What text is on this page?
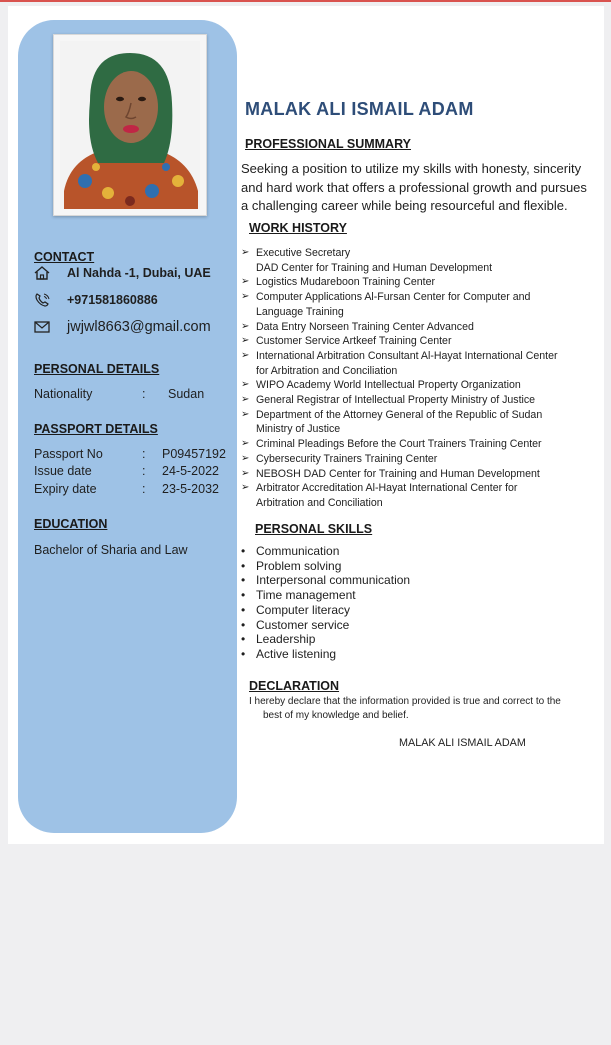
CONTACT
Al Nahda -1, Dubai, UAE
+971581860886
jwjwl8663@gmail.com
PERSONAL DETAILS
Nationality	: Sudan
PASSPORT DETAILS
Passport No	: P09457192
Issue date	: 24-5-2022
Expiry date	: 23-5-2032
EDUCATION
Bachelor of Sharia and Law
MALAK ALI ISMAIL ADAM
PROFESSIONAL SUMMARY
Seeking a position to utilize my skills with honesty, sincerity and hard work that offers a professional growth and pursues a challenging career while being resourceful and flexible.
WORK HISTORY
➢ Executive Secretary
DAD Center for Training and Human Development
➢ Logistics Mudareboon Training Center
➢ Computer Applications Al-Fursan Center for Computer and
Language Training
➢ Data Entry Norseen Training Center Advanced
➢ Customer Service Artkeef Training Center
➢ International Arbitration Consultant Al-Hayat International Center
for Arbitration and Conciliation
➢ WIPO Academy World Intellectual Property Organization
➢ General Registrar of Intellectual Property Ministry of Justice
➢ Department of the Attorney General of the Republic of Sudan
Ministry of Justice
➢ Criminal Pleadings Before the Court Trainers Training Center
➢ Cybersecurity Trainers Training Center
➢ NEBOSH DAD Center for Training and Human Development
➢ Arbitrator Accreditation Al-Hayat International Center for
Arbitration and Conciliation
PERSONAL SKILLS
• Communication
• Problem solving
• Interpersonal communication
• Time management
• Computer literacy
• Customer service
• Leadership
• Active listening
DECLARATION
I hereby declare that the information provided is true and correct to the
best of my knowledge and belief.
MALAK ALI ISMAIL ADAM
